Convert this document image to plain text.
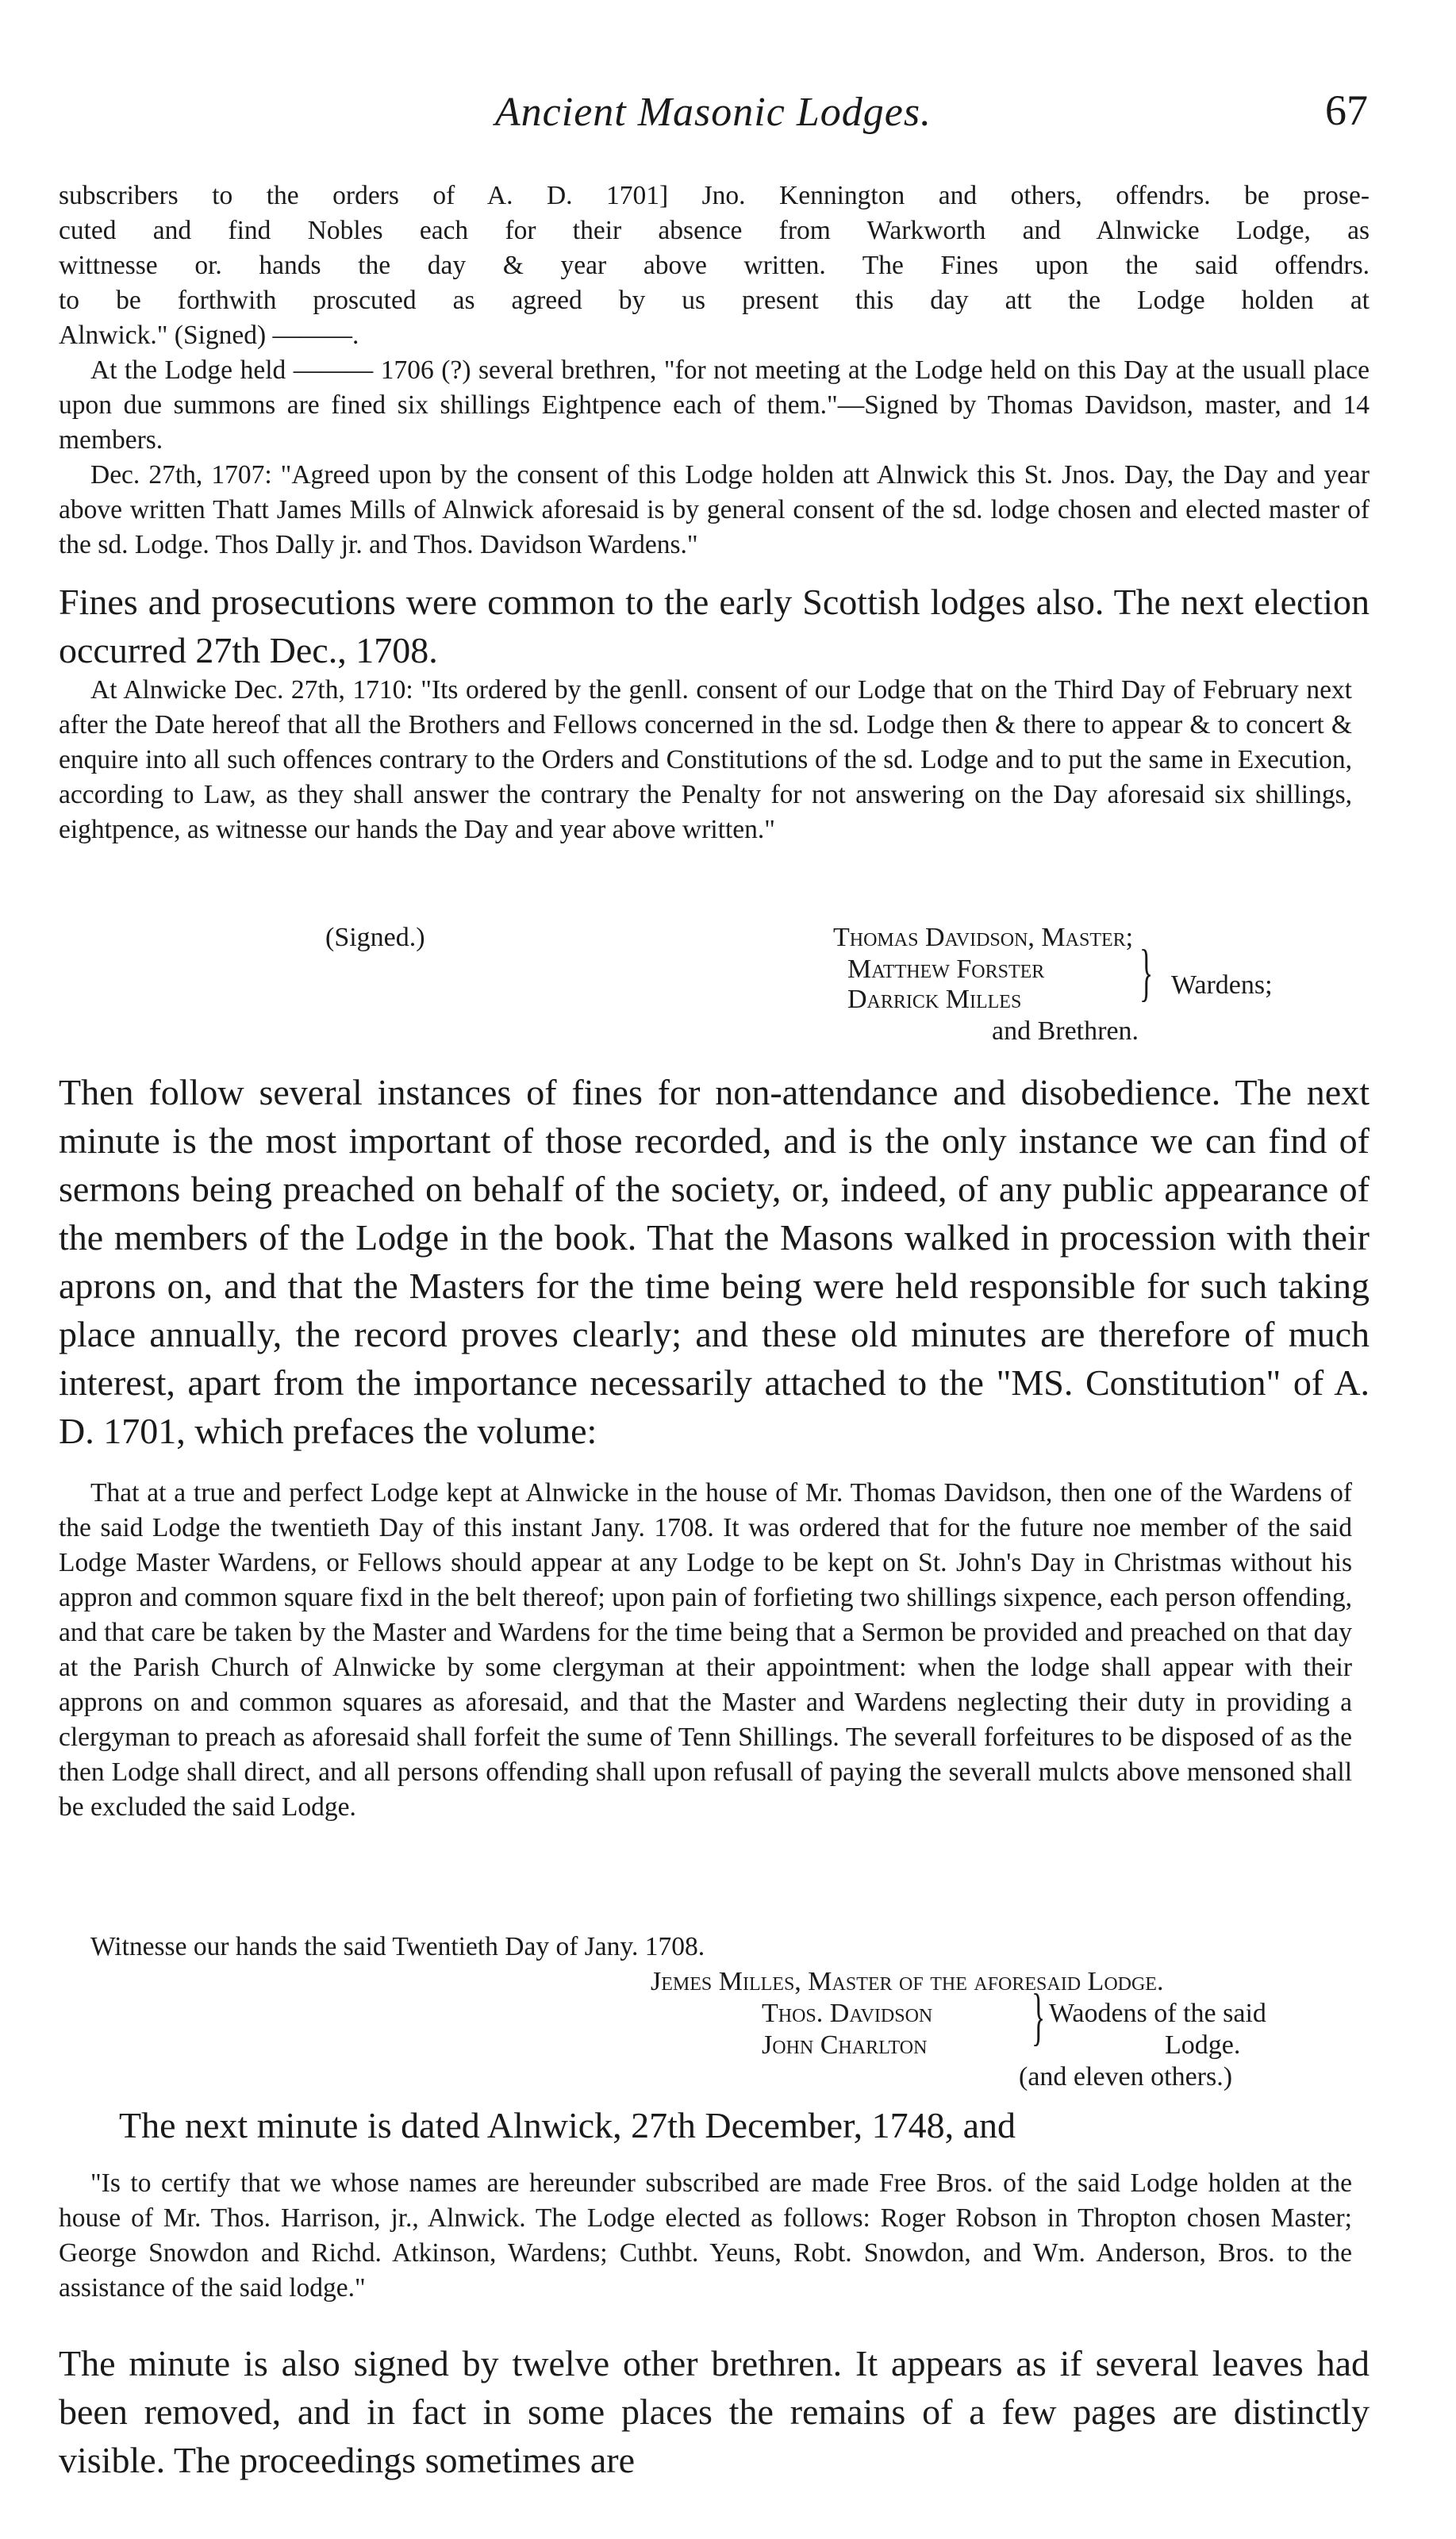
Ancient Masonic Lodges.	67
subscribers to the orders of A. D. 1701] Jno. Kennington and others, offendrs. be prose-
cuted and find Nobles each for their absence from Warkworth and Alnwicke Lodge, as
wittnesse or. hands the day & year above written. The Fines upon the said offendrs.
to be forthwith proscuted as agreed by us present this day att the Lodge holden at
Alnwick." (Signed) ———.

At the Lodge held ——— 1706 (?) several brethren, "for not meeting at the Lodge held on this Day at the usuall place upon due summons are fined six shillings Eightpence each of them."—Signed by Thomas Davidson, master, and 14 members.

Dec. 27th, 1707: "Agreed upon by the consent of this Lodge holden att Alnwick this St. Jnos. Day, the Day and year above written Thatt James Mills of Alnwick aforesaid is by general consent of the sd. lodge chosen and elected master of the sd. Lodge. Thos Dally jr. and Thos. Davidson Wardens."

Fines and prosecutions were common to the early Scottish lodges also. The next election occurred 27th Dec., 1708.

At Alnwicke Dec. 27th, 1710: "Its ordered by the genll. consent of our Lodge that on the Third Day of February next after the Date hereof that all the Brothers and Fellows concerned in the sd. Lodge then & there to appear & to concert & enquire into all such offences contrary to the Orders and Constitutions of the sd. Lodge and to put the same in Execution, according to Law, as they shall answer the contrary the Penalty for not answering on the Day aforesaid six shillings, eightpence, as witnesse our hands the Day and year above written."

(Signed.)	Thomas Davidson, Master;
Matthew Forster
Darrick Milles } Wardens;
and Brethren.

Then follow several instances of fines for non-attendance and disobedience. The next minute is the most important of those recorded, and is the only instance we can find of sermons being preached on behalf of the society, or, indeed, of any public appearance of the members of the Lodge in the book. That the Masons walked in procession with their aprons on, and that the Masters for the time being were held responsible for such taking place annually, the record proves clearly; and these old minutes are therefore of much interest, apart from the importance necessarily attached to the "MS. Constitution" of A. D. 1701, which prefaces the volume:

That at a true and perfect Lodge kept at Alnwicke in the house of Mr. Thomas Davidson, then one of the Wardens of the said Lodge the twentieth Day of this instant Jany. 1708. It was ordered that for the future noe member of the said Lodge Master Wardens, or Fellows should appear at any Lodge to be kept on St. John's Day in Christmas without his appron and common square fixd in the belt thereof; upon pain of forfieting two shillings sixpence, each person offending, and that care be taken by the Master and Wardens for the time being that a Sermon be provided and preached on that day at the Parish Church of Alnwicke by some clergyman at their appointment: when the lodge shall appear with their approns on and common squares as aforesaid, and that the Master and Wardens neglecting their duty in providing a clergyman to preach as aforesaid shall forfeit the sume of Tenn Shillings. The severall forfeitures to be disposed of as the then Lodge shall direct, and all persons offending shall upon refusall of paying the severall mulcts above mensoned shall be excluded the said Lodge.

Witnesse our hands the said Twentieth Day of Jany. 1708.

Jemes Milles, Master of the aforesaid Lodge.
Thos. Davidson
John Charlton } Waodens of the said
Lodge.
(and eleven others.)

The next minute is dated Alnwick, 27th December, 1748, and

"Is to certify that we whose names are hereunder subscribed are made Free Bros. of the said Lodge holden at the house of Mr. Thos. Harrison, jr., Alnwick. The Lodge elected as follows: Roger Robson in Thropton chosen Master; George Snowdon and Richd. Atkinson, Wardens; Cuthbt. Yeuns, Robt. Snowdon, and Wm. Anderson, Bros. to the assistance of the said lodge."

The minute is also signed by twelve other brethren. It appears as if several leaves had been removed, and in fact in some places the remains of a few pages are distinctly visible. The proceedings sometimes are
